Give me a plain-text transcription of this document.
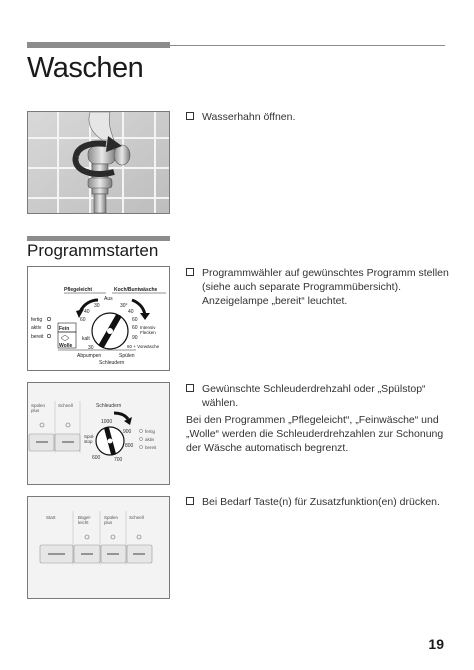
Waschen
Wasserhahn öffnen.
Programmstarten
Pflegeleicht	Koch/Buntwäsche
Aus
30
40
60
30°
40
60
60
90
Intensiv
Flecken
60 + Vorwäsche
kalt
30
fertig
aktiv
bereit
Fein
Wolle
Abpumpen	Spülen
Schleudern
Programmwähler auf gewünschtes Programm stellen (siehe auch separate Programmübersicht). Anzeigelampe „bereit“ leuchtet.
Spülen
plus
Schnell	Schleudern
1000
900
800
700
600
Spül-
stop
fertig
aktiv
bereit
Gewünschte Schleuderdrehzahl oder „Spülstop“ wählen.
Bei den Programmen „Pflegeleicht“, „Feinwäsche“ und „Wolle“ werden die Schleuderdrehzahlen zur Schonung der Wäsche automatisch begrenzt.
Start	Bügel-
leicht
Spülen
plus
Schnell
Bei Bedarf Taste(n) für Zusatzfunktion(en) drücken.
19
